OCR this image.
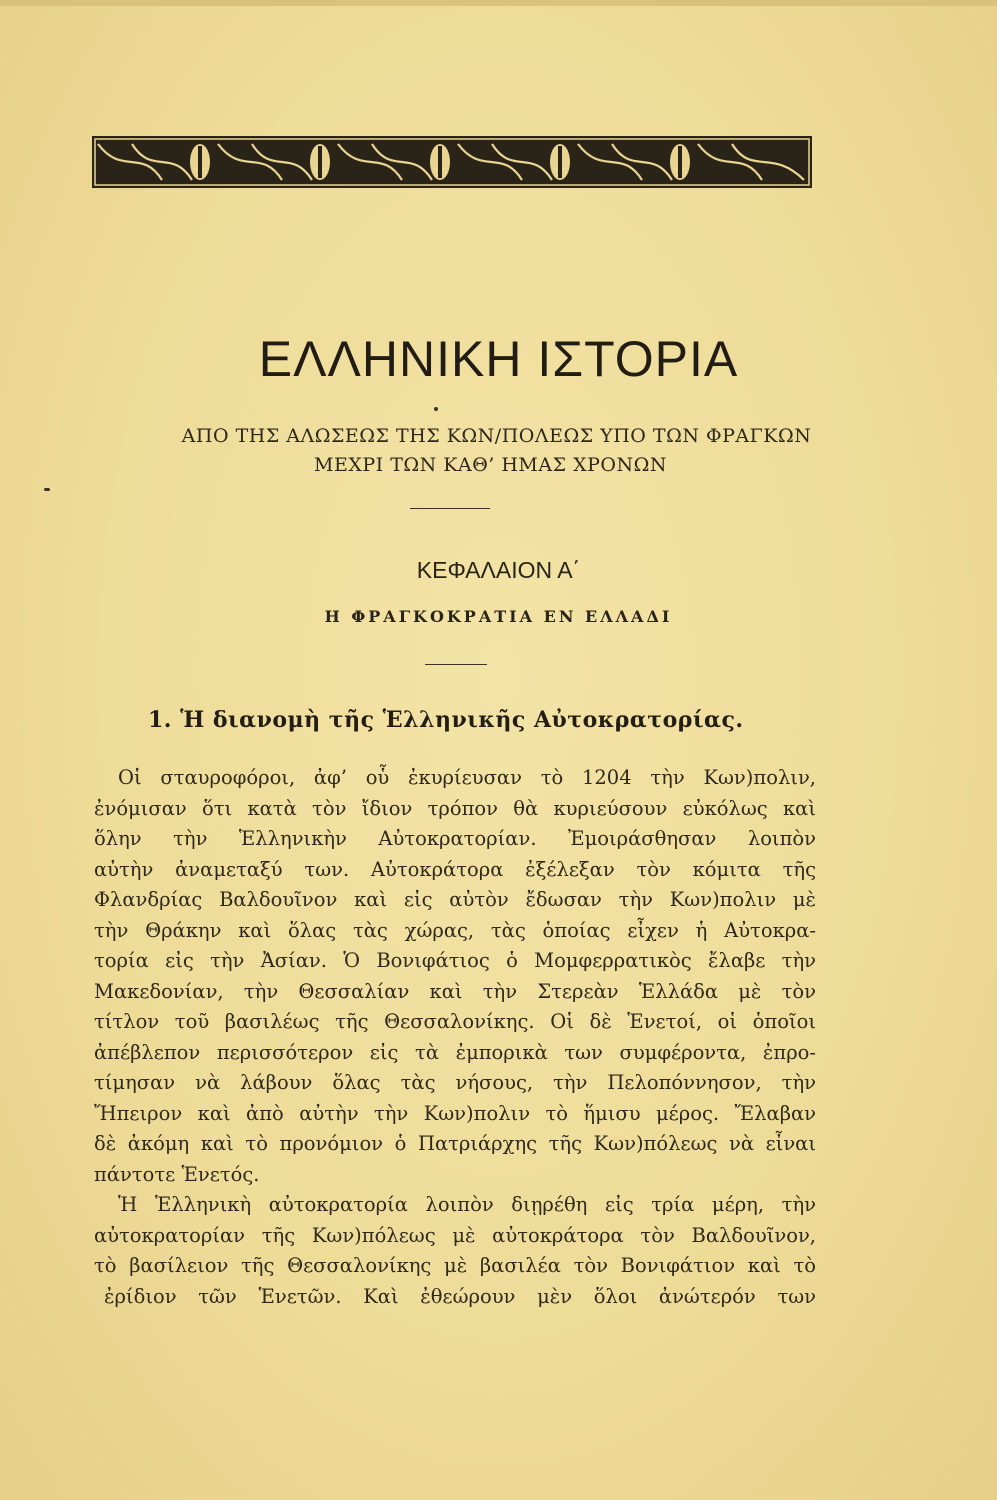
ΕΛΛΗΝΙΚΗ ΙΣΤΟΡΙΑ
ΑΠΟ ΤΗΣ ΑΛΩΣΕΩΣ ΤΗΣ ΚΩΝ/ΠΟΛΕΩΣ ΥΠΟ ΤΩΝ ΦΡΑΓΚΩΝ
ΜΕΧΡΙ ΤΩΝ ΚΑΘ’ ΗΜΑΣ ΧΡΟΝΩΝ
ΚΕΦΑΛΑΙΟΝ Α΄
Η ΦΡΑΓΚΟΚΡΑΤΙΑ ΕΝ ΕΛΛΑΔΙ
1. Ἡ διανομὴ τῆς Ἑλληνικῆς Αὐτοκρατορίας.
Οἱ σταυροφόροι, ἀφ’ οὗ ἐκυρίευσαν τὸ 1204 τὴν Κων)πολιν,
ἐνόμισαν ὅτι κατὰ τὸν ἴδιον τρόπον θὰ κυριεύσουν εὐκόλως καὶ
ὅλην τὴν Ἑλληνικὴν Αὐτοκρατορίαν. Ἐμοιράσθησαν λοιπὸν
αὐτὴν ἀναμεταξύ των. Αὐτοκράτορα ἐξέλεξαν τὸν κόμιτα τῆς
Φλανδρίας Βαλδουῖνον καὶ εἰς αὐτὸν ἔδωσαν τὴν Κων)πολιν μὲ
τὴν Θράκην καὶ ὅλας τὰς χώρας, τὰς ὁποίας εἶχεν ἡ Αὐτοκρα-
τορία εἰς τὴν Ἀσίαν. Ὁ Βονιφάτιος ὁ Μομφερρατικὸς ἔλαβε τὴν
Μακεδονίαν, τὴν Θεσσαλίαν καὶ τὴν Στερεὰν Ἑλλάδα μὲ τὸν
τίτλον τοῦ βασιλέως τῆς Θεσσαλονίκης. Οἱ δὲ Ἑνετοί, οἱ ὁποῖοι
ἀπέβλεπον περισσότερον εἰς τὰ ἐμπορικὰ των συμφέροντα, ἐπρο-
τίμησαν νὰ λάβουν ὅλας τὰς νήσους, τὴν Πελοπόννησον, τὴν
Ἤπειρον καὶ ἀπὸ αὐτὴν τὴν Κων)πολιν τὸ ἥμισυ μέρος. Ἔλαβαν
δὲ ἀκόμη καὶ τὸ προνόμιον ὁ Πατριάρχης τῆς Κων)πόλεως νὰ εἶναι
πάντοτε Ἑνετός.
Ἡ Ἑλληνικὴ αὐτοκρατορία λοιπὸν διῃρέθη εἰς τρία μέρη, τὴν
αὐτοκρατορίαν τῆς Κων)πόλεως μὲ αὐτοκράτορα τὸν Βαλδουῖνον,
τὸ βασίλειον τῆς Θεσσαλονίκης μὲ βασιλέα τὸν Βονιφάτιον καὶ τὸ
ἐρίδιον τῶν Ἑνετῶν. Καὶ ἐθεώρουν μὲν ὅλοι ἀνώτερόν των
